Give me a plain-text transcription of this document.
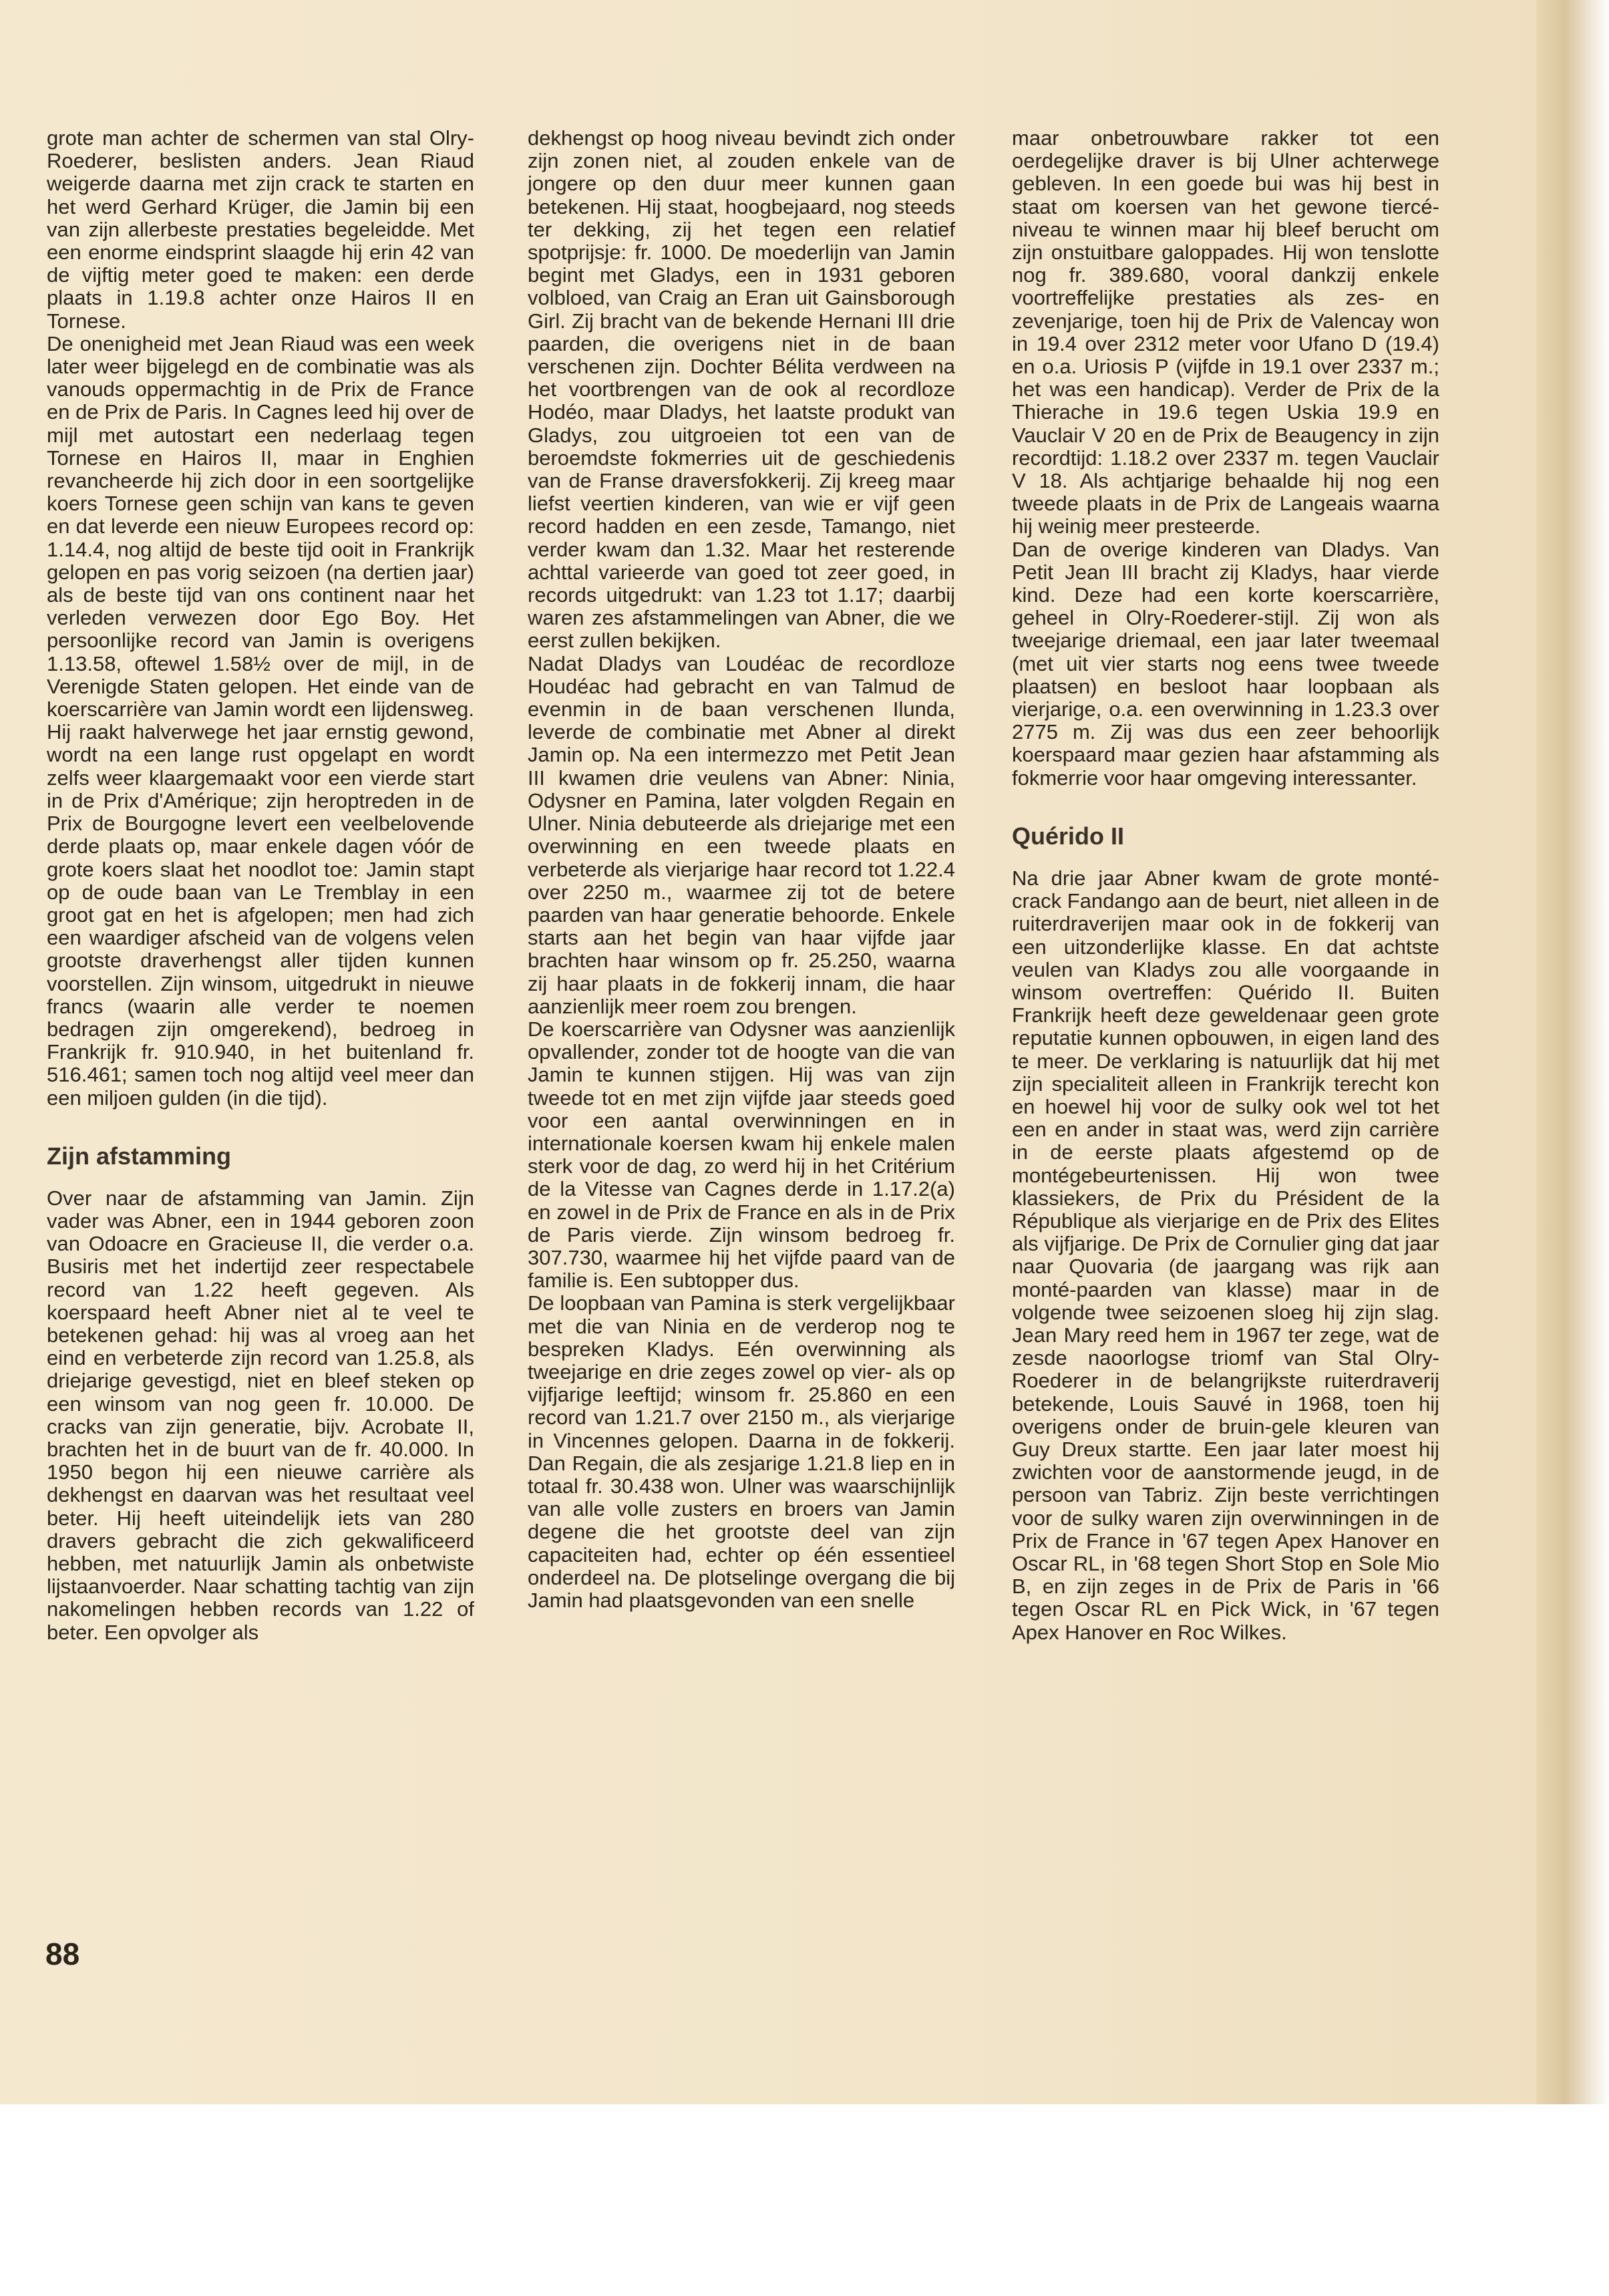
grote man achter de schermen van stal Olry-Roederer, beslisten anders. Jean Riaud weigerde daarna met zijn crack te starten en het werd Gerhard Krüger, die Jamin bij een van zijn allerbeste prestaties begeleidde. Met een enorme eindsprint slaagde hij erin 42 van de vijftig meter goed te maken: een derde plaats in 1.19.8 achter onze Hairos II en Tornese.

De onenigheid met Jean Riaud was een week later weer bijgelegd en de combinatie was als vanouds oppermachtig in de Prix de France en de Prix de Paris. In Cagnes leed hij over de mijl met autostart een nederlaag tegen Tornese en Hairos II, maar in Enghien revancheerde hij zich door in een soortgelijke koers Tornese geen schijn van kans te geven en dat leverde een nieuw Europees record op: 1.14.4, nog altijd de beste tijd ooit in Frankrijk gelopen en pas vorig seizoen (na dertien jaar) als de beste tijd van ons continent naar het verleden verwezen door Ego Boy. Het persoonlijke record van Jamin is overigens 1.13.58, oftewel 1.58½ over de mijl, in de Verenigde Staten gelopen. Het einde van de koerscarrière van Jamin wordt een lijdensweg. Hij raakt halverwege het jaar ernstig gewond, wordt na een lange rust opgelapt en wordt zelfs weer klaargemaakt voor een vierde start in de Prix d'Amérique; zijn heroptreden in de Prix de Bourgogne levert een veelbelovende derde plaats op, maar enkele dagen vóór de grote koers slaat het noodlot toe: Jamin stapt op de oude baan van Le Tremblay in een groot gat en het is afgelopen; men had zich een waardiger afscheid van de volgens velen grootste draverhengst aller tijden kunnen voorstellen. Zijn winsom, uitgedrukt in nieuwe francs (waarin alle verder te noemen bedragen zijn omgerekend), bedroeg in Frankrijk fr. 910.940, in het buitenland fr. 516.461; samen toch nog altijd veel meer dan een miljoen gulden (in die tijd).

Zijn afstamming

Over naar de afstamming van Jamin. Zijn vader was Abner, een in 1944 geboren zoon van Odoacre en Gracieuse II, die verder o.a. Busiris met het indertijd zeer respectabele record van 1.22 heeft gegeven. Als koerspaard heeft Abner niet al te veel te betekenen gehad: hij was al vroeg aan het eind en verbeterde zijn record van 1.25.8, als driejarige gevestigd, niet en bleef steken op een winsom van nog geen fr. 10.000. De cracks van zijn generatie, bijv. Acrobate II, brachten het in de buurt van de fr. 40.000. In 1950 begon hij een nieuwe carrière als dekhengst en daarvan was het resultaat veel beter. Hij heeft uiteindelijk iets van 280 dravers gebracht die zich gekwalificeerd hebben, met natuurlijk Jamin als onbetwiste lijstaanvoerder. Naar schatting tachtig van zijn nakomelingen hebben records van 1.22 of beter. Een opvolger als

dekhengst op hoog niveau bevindt zich onder zijn zonen niet, al zouden enkele van de jongere op den duur meer kunnen gaan betekenen. Hij staat, hoogbejaard, nog steeds ter dekking, zij het tegen een relatief spotprijsje: fr. 1000. De moederlijn van Jamin begint met Gladys, een in 1931 geboren volbloed, van Craig an Eran uit Gainsborough Girl. Zij bracht van de bekende Hernani III drie paarden, die overigens niet in de baan verschenen zijn. Dochter Bélita verdween na het voortbrengen van de ook al recordloze Hodéo, maar Dladys, het laatste produkt van Gladys, zou uitgroeien tot een van de beroemdste fokmerries uit de geschiedenis van de Franse draversfokkerij. Zij kreeg maar liefst veertien kinderen, van wie er vijf geen record hadden en een zesde, Tamango, niet verder kwam dan 1.32. Maar het resterende achttal varieerde van goed tot zeer goed, in records uitgedrukt: van 1.23 tot 1.17; daarbij waren zes afstammelingen van Abner, die we eerst zullen bekijken.

Nadat Dladys van Loudéac de recordloze Houdéac had gebracht en van Talmud de evenmin in de baan verschenen Ilunda, leverde de combinatie met Abner al direkt Jamin op. Na een intermezzo met Petit Jean III kwamen drie veulens van Abner: Ninia, Odysner en Pamina, later volgden Regain en Ulner. Ninia debuteerde als driejarige met een overwinning en een tweede plaats en verbeterde als vierjarige haar record tot 1.22.4 over 2250 m., waarmee zij tot de betere paarden van haar generatie behoorde. Enkele starts aan het begin van haar vijfde jaar brachten haar winsom op fr. 25.250, waarna zij haar plaats in de fokkerij innam, die haar aanzienlijk meer roem zou brengen.

De koerscarrière van Odysner was aanzienlijk opvallender, zonder tot de hoogte van die van Jamin te kunnen stijgen. Hij was van zijn tweede tot en met zijn vijfde jaar steeds goed voor een aantal overwinningen en in internationale koersen kwam hij enkele malen sterk voor de dag, zo werd hij in het Critérium de la Vitesse van Cagnes derde in 1.17.2(a) en zowel in de Prix de France en als in de Prix de Paris vierde. Zijn winsom bedroeg fr. 307.730, waarmee hij het vijfde paard van de familie is. Een subtopper dus.

De loopbaan van Pamina is sterk vergelijkbaar met die van Ninia en de verderop nog te bespreken Kladys. Eén overwinning als tweejarige en drie zeges zowel op vier- als op vijfjarige leeftijd; winsom fr. 25.860 en een record van 1.21.7 over 2150 m., als vierjarige in Vincennes gelopen. Daarna in de fokkerij. Dan Regain, die als zesjarige 1.21.8 liep en in totaal fr. 30.438 won. Ulner was waarschijnlijk van alle volle zusters en broers van Jamin degene die het grootste deel van zijn capaciteiten had, echter op één essentieel onderdeel na. De plotselinge overgang die bij Jamin had plaatsgevonden van een snelle

maar onbetrouwbare rakker tot een oerdegelijke draver is bij Ulner achterwege gebleven. In een goede bui was hij best in staat om koersen van het gewone tiercé-niveau te winnen maar hij bleef berucht om zijn onstuitbare galoppades. Hij won tenslotte nog fr. 389.680, vooral dankzij enkele voortreffelijke prestaties als zes- en zevenjarige, toen hij de Prix de Valencay won in 19.4 over 2312 meter voor Ufano D (19.4) en o.a. Uriosis P (vijfde in 19.1 over 2337 m.; het was een handicap). Verder de Prix de la Thierache in 19.6 tegen Uskia 19.9 en Vauclair V 20 en de Prix de Beaugency in zijn recordtijd: 1.18.2 over 2337 m. tegen Vauclair V 18. Als achtjarige behaalde hij nog een tweede plaats in de Prix de Langeais waarna hij weinig meer presteerde.

Dan de overige kinderen van Dladys. Van Petit Jean III bracht zij Kladys, haar vierde kind. Deze had een korte koerscarrière, geheel in Olry-Roederer-stijl. Zij won als tweejarige driemaal, een jaar later tweemaal (met uit vier starts nog eens twee tweede plaatsen) en besloot haar loopbaan als vierjarige, o.a. een overwinning in 1.23.3 over 2775 m. Zij was dus een zeer behoorlijk koerspaard maar gezien haar afstamming als fokmerrie voor haar omgeving interessanter.

Quérido II

Na drie jaar Abner kwam de grote monté-crack Fandango aan de beurt, niet alleen in de ruiterdraverijen maar ook in de fokkerij van een uitzonderlijke klasse. En dat achtste veulen van Kladys zou alle voorgaande in winsom overtreffen: Quérido II. Buiten Frankrijk heeft deze geweldenaar geen grote reputatie kunnen opbouwen, in eigen land des te meer. De verklaring is natuurlijk dat hij met zijn specialiteit alleen in Frankrijk terecht kon en hoewel hij voor de sulky ook wel tot het een en ander in staat was, werd zijn carrière in de eerste plaats afgestemd op de montégebeurtenissen. Hij won twee klassiekers, de Prix du Président de la République als vierjarige en de Prix des Elites als vijfjarige. De Prix de Cornulier ging dat jaar naar Quovaria (de jaargang was rijk aan monté-paarden van klasse) maar in de volgende twee seizoenen sloeg hij zijn slag. Jean Mary reed hem in 1967 ter zege, wat de zesde naoorlogse triomf van Stal Olry-Roederer in de belangrijkste ruiterdraverij betekende, Louis Sauvé in 1968, toen hij overigens onder de bruin-gele kleuren van Guy Dreux startte. Een jaar later moest hij zwichten voor de aanstormende jeugd, in de persoon van Tabriz. Zijn beste verrichtingen voor de sulky waren zijn overwinningen in de Prix de France in '67 tegen Apex Hanover en Oscar RL, in '68 tegen Short Stop en Sole Mio B, en zijn zeges in de Prix de Paris in '66 tegen Oscar RL en Pick Wick, in '67 tegen Apex Hanover en Roc Wilkes.

88
